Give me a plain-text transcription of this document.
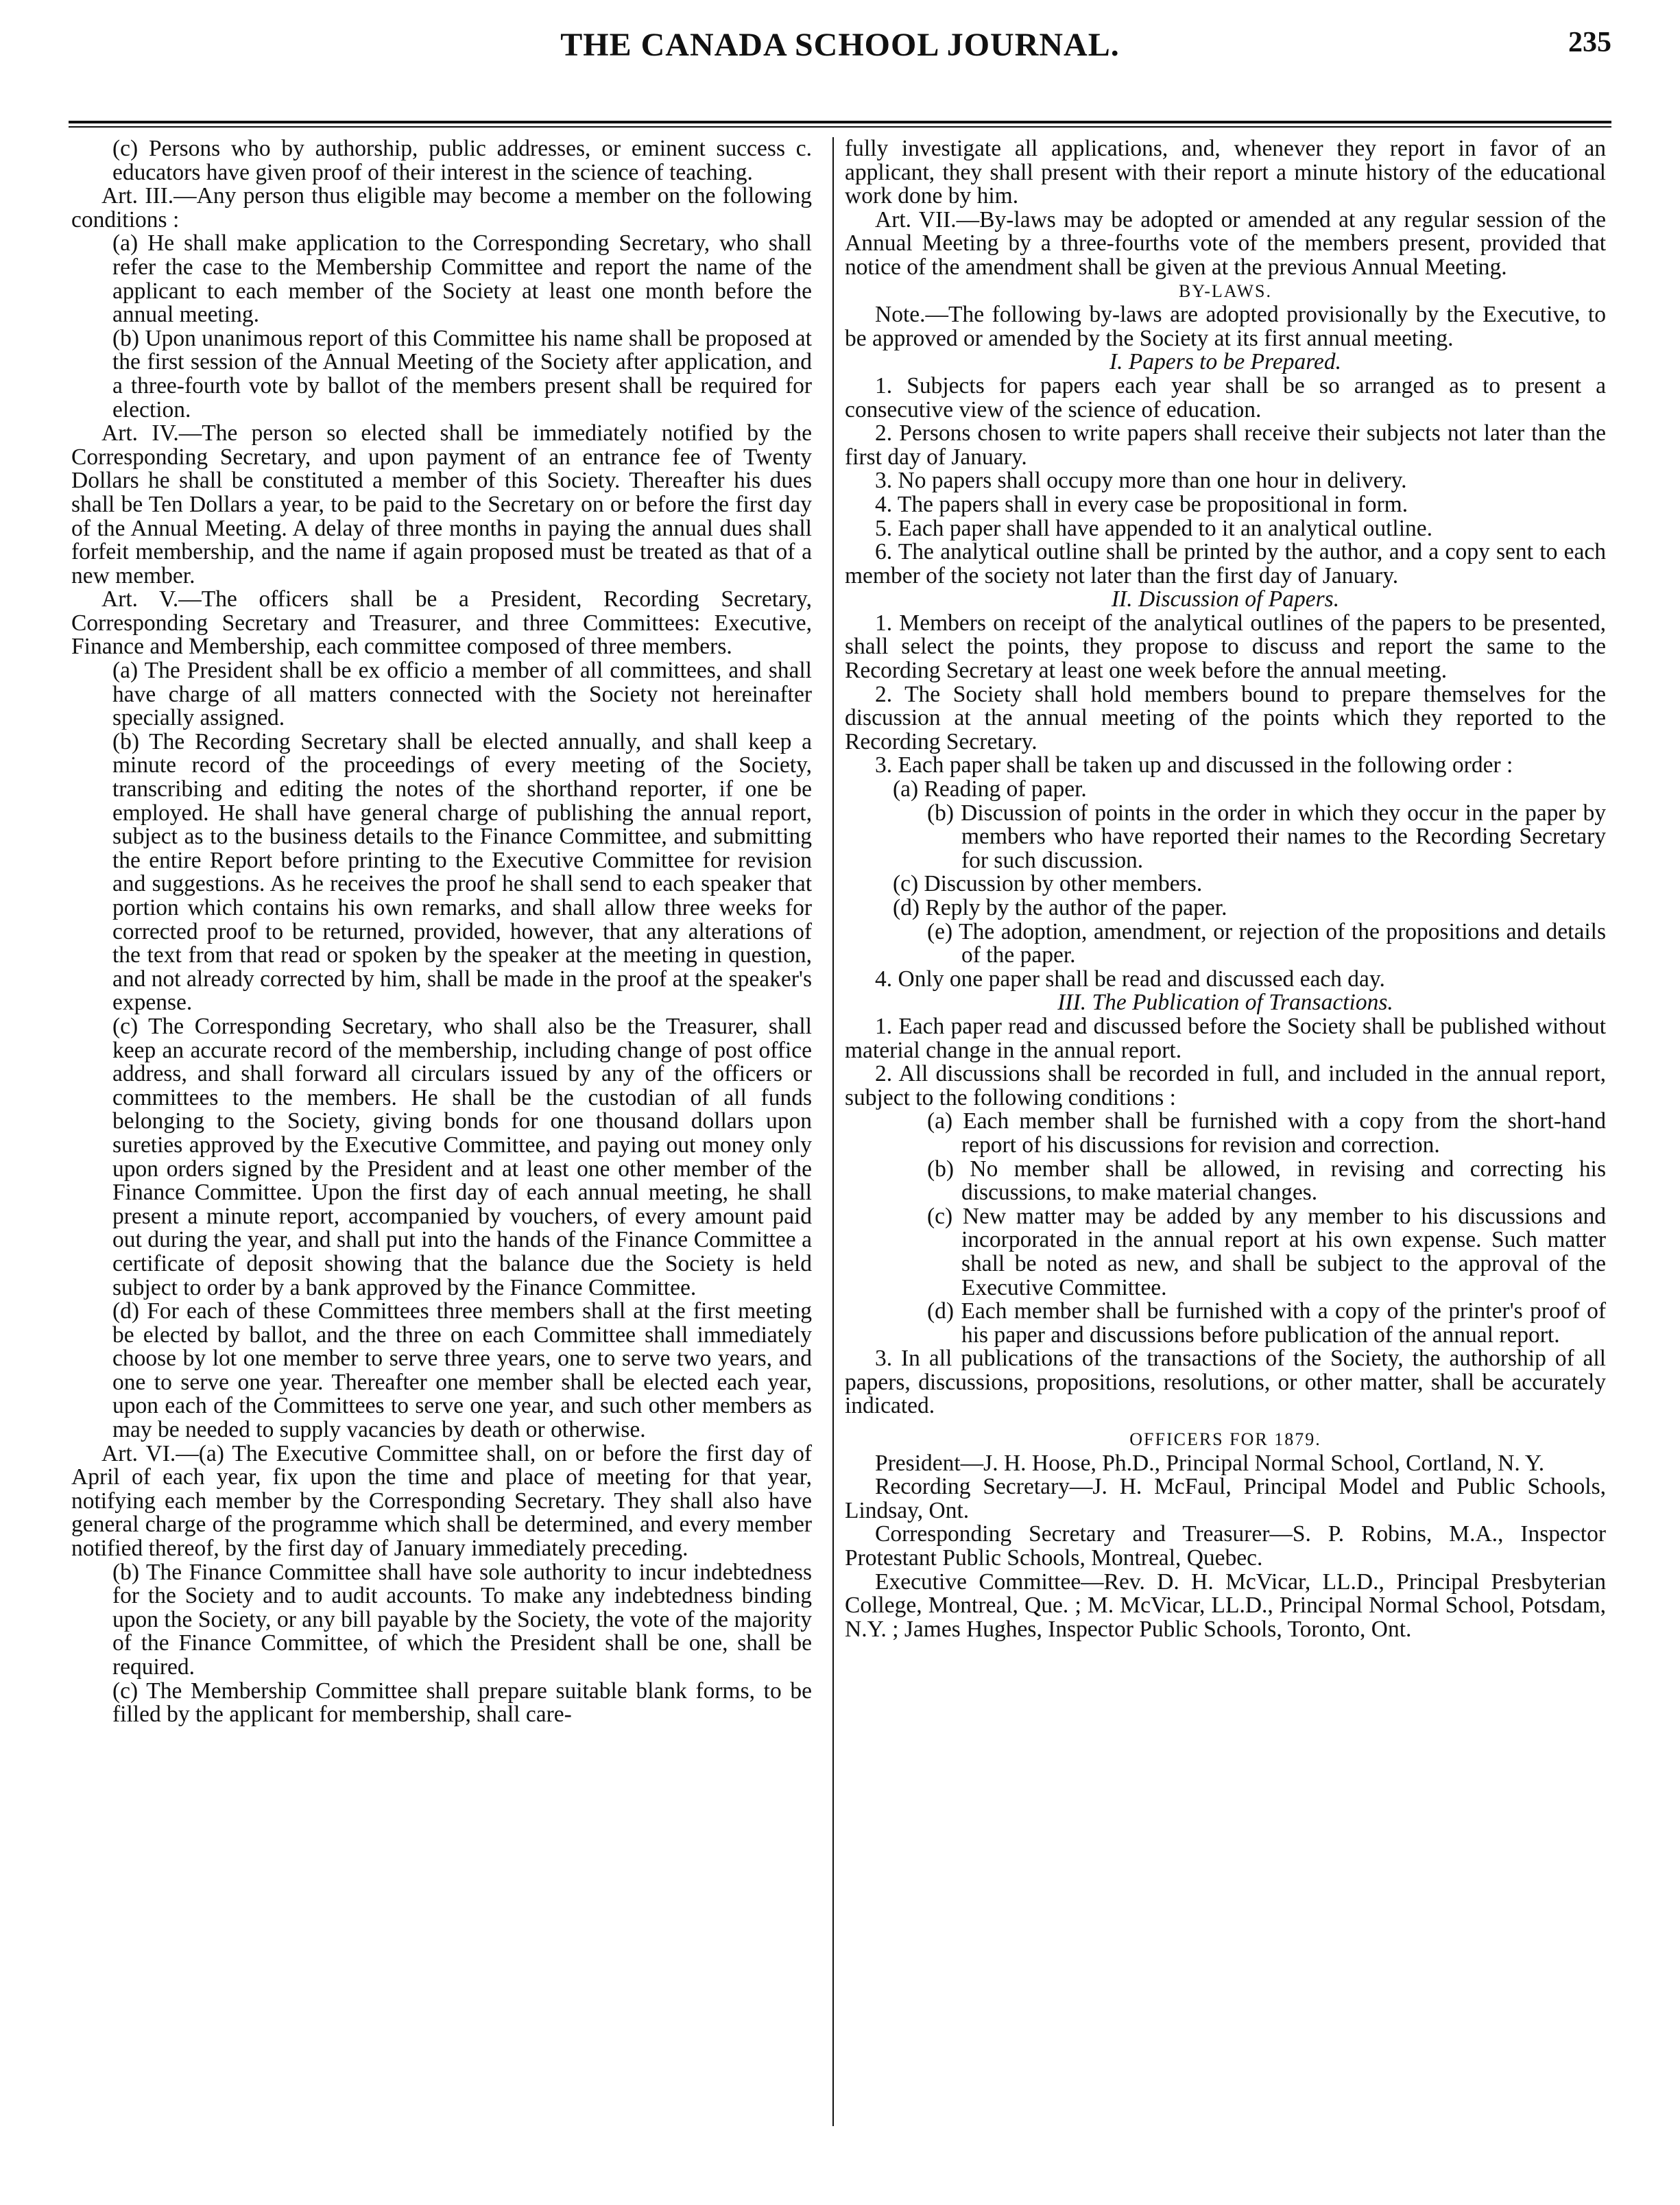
THE CANADA SCHOOL JOURNAL.	235

(c) Persons who by authorship, public addresses, or eminent success c. educators have given proof of their interest in the science of teaching.

Art. III.—Any person thus eligible may become a member on the following conditions :

(a) He shall make application to the Corresponding Secretary, who shall refer the case to the Membership Committee and report the name of the applicant to each member of the Society at least one month before the annual meeting.

(b) Upon unanimous report of this Committee his name shall be proposed at the first session of the Annual Meeting of the Society after application, and a three-fourth vote by ballot of the members present shall be required for election.

Art. IV.—The person so elected shall be immediately notified by the Corresponding Secretary, and upon payment of an entrance fee of Twenty Dollars he shall be constituted a member of this Society. Thereafter his dues shall be Ten Dollars a year, to be paid to the Secretary on or before the first day of the Annual Meeting. A delay of three months in paying the annual dues shall forfeit membership, and the name if again proposed must be treated as that of a new member.

Art. V.—The officers shall be a President, Recording Secretary, Corresponding Secretary and Treasurer, and three Committees: Executive, Finance and Membership, each committee composed of three members.

(a) The President shall be ex officio a member of all committees, and shall have charge of all matters connected with the Society not hereinafter specially assigned.

(b) The Recording Secretary shall be elected annually, and shall keep a minute record of the proceedings of every meeting of the Society, transcribing and editing the notes of the shorthand reporter, if one be employed. He shall have general charge of publishing the annual report, subject as to the business details to the Finance Committee, and submitting the entire Report before printing to the Executive Committee for revision and suggestions. As he receives the proof he shall send to each speaker that portion which contains his own remarks, and shall allow three weeks for corrected proof to be returned, provided, however, that any alterations of the text from that read or spoken by the speaker at the meeting in question, and not already corrected by him, shall be made in the proof at the speaker's expense.

(c) The Corresponding Secretary, who shall also be the Treasurer, shall keep an accurate record of the membership, including change of post office address, and shall forward all circulars issued by any of the officers or committees to the members. He shall be the custodian of all funds belonging to the Society, giving bonds for one thousand dollars upon sureties approved by the Executive Committee, and paying out money only upon orders signed by the President and at least one other member of the Finance Committee. Upon the first day of each annual meeting, he shall present a minute report, accompanied by vouchers, of every amount paid out during the year, and shall put into the hands of the Finance Committee a certificate of deposit showing that the balance due the Society is held subject to order by a bank approved by the Finance Committee.

(d) For each of these Committees three members shall at the first meeting be elected by ballot, and the three on each Committee shall immediately choose by lot one member to serve three years, one to serve two years, and one to serve one year. Thereafter one member shall be elected each year, upon each of the Committees to serve one year, and such other members as may be needed to supply vacancies by death or otherwise.

Art. VI.—(a) The Executive Committee shall, on or before the first day of April of each year, fix upon the time and place of meeting for that year, notifying each member by the Corresponding Secretary. They shall also have general charge of the programme which shall be determined, and every member notified thereof, by the first day of January immediately preceding.

(b) The Finance Committee shall have sole authority to incur indebtedness for the Society and to audit accounts. To make any indebtedness binding upon the Society, or any bill payable by the Society, the vote of the majority of the Finance Committee, of which the President shall be one, shall be required.

(c) The Membership Committee shall prepare suitable blank forms, to be filled by the applicant for membership, shall care-

fully investigate all applications, and, whenever they report in favor of an applicant, they shall present with their report a minute history of the educational work done by him.

Art. VII.—By-laws may be adopted or amended at any regular session of the Annual Meeting by a three-fourths vote of the members present, provided that notice of the amendment shall be given at the previous Annual Meeting.

BY-LAWS.

Note.—The following by-laws are adopted provisionally by the Executive, to be approved or amended by the Society at its first annual meeting.

I. Papers to be Prepared.

1. Subjects for papers each year shall be so arranged as to present a consecutive view of the science of education.

2. Persons chosen to write papers shall receive their subjects not later than the first day of January.

3. No papers shall occupy more than one hour in delivery.

4. The papers shall in every case be propositional in form.

5. Each paper shall have appended to it an analytical outline.

6. The analytical outline shall be printed by the author, and a copy sent to each member of the society not later than the first day of January.

II. Discussion of Papers.

1. Members on receipt of the analytical outlines of the papers to be presented, shall select the points, they propose to discuss and report the same to the Recording Secretary at least one week before the annual meeting.

2. The Society shall hold members bound to prepare themselves for the discussion at the annual meeting of the points which they reported to the Recording Secretary.

3. Each paper shall be taken up and discussed in the following order :

(a) Reading of paper.

(b) Discussion of points in the order in which they occur in the paper by members who have reported their names to the Recording Secretary for such discussion.

(c) Discussion by other members.

(d) Reply by the author of the paper.

(e) The adoption, amendment, or rejection of the propositions and details of the paper.

4. Only one paper shall be read and discussed each day.

III. The Publication of Transactions.

1. Each paper read and discussed before the Society shall be published without material change in the annual report.

2. All discussions shall be recorded in full, and included in the annual report, subject to the following conditions :

(a) Each member shall be furnished with a copy from the short-hand report of his discussions for revision and correction.

(b) No member shall be allowed, in revising and correcting his discussions, to make material changes.

(c) New matter may be added by any member to his discussions and incorporated in the annual report at his own expense. Such matter shall be noted as new, and shall be subject to the approval of the Executive Committee.

(d) Each member shall be furnished with a copy of the printer's proof of his paper and discussions before publication of the annual report.

3. In all publications of the transactions of the Society, the authorship of all papers, discussions, propositions, resolutions, or other matter, shall be accurately indicated.

OFFICERS FOR 1879.

President—J. H. Hoose, Ph.D., Principal Normal School, Cortland, N. Y.

Recording Secretary—J. H. McFaul, Principal Model and Public Schools, Lindsay, Ont.

Corresponding Secretary and Treasurer—S. P. Robins, M.A., Inspector Protestant Public Schools, Montreal, Quebec.

Executive Committee—Rev. D. H. McVicar, LL.D., Principal Presbyterian College, Montreal, Que. ; M. McVicar, LL.D., Principal Normal School, Potsdam, N.Y. ; James Hughes, Inspector Public Schools, Toronto, Ont.
